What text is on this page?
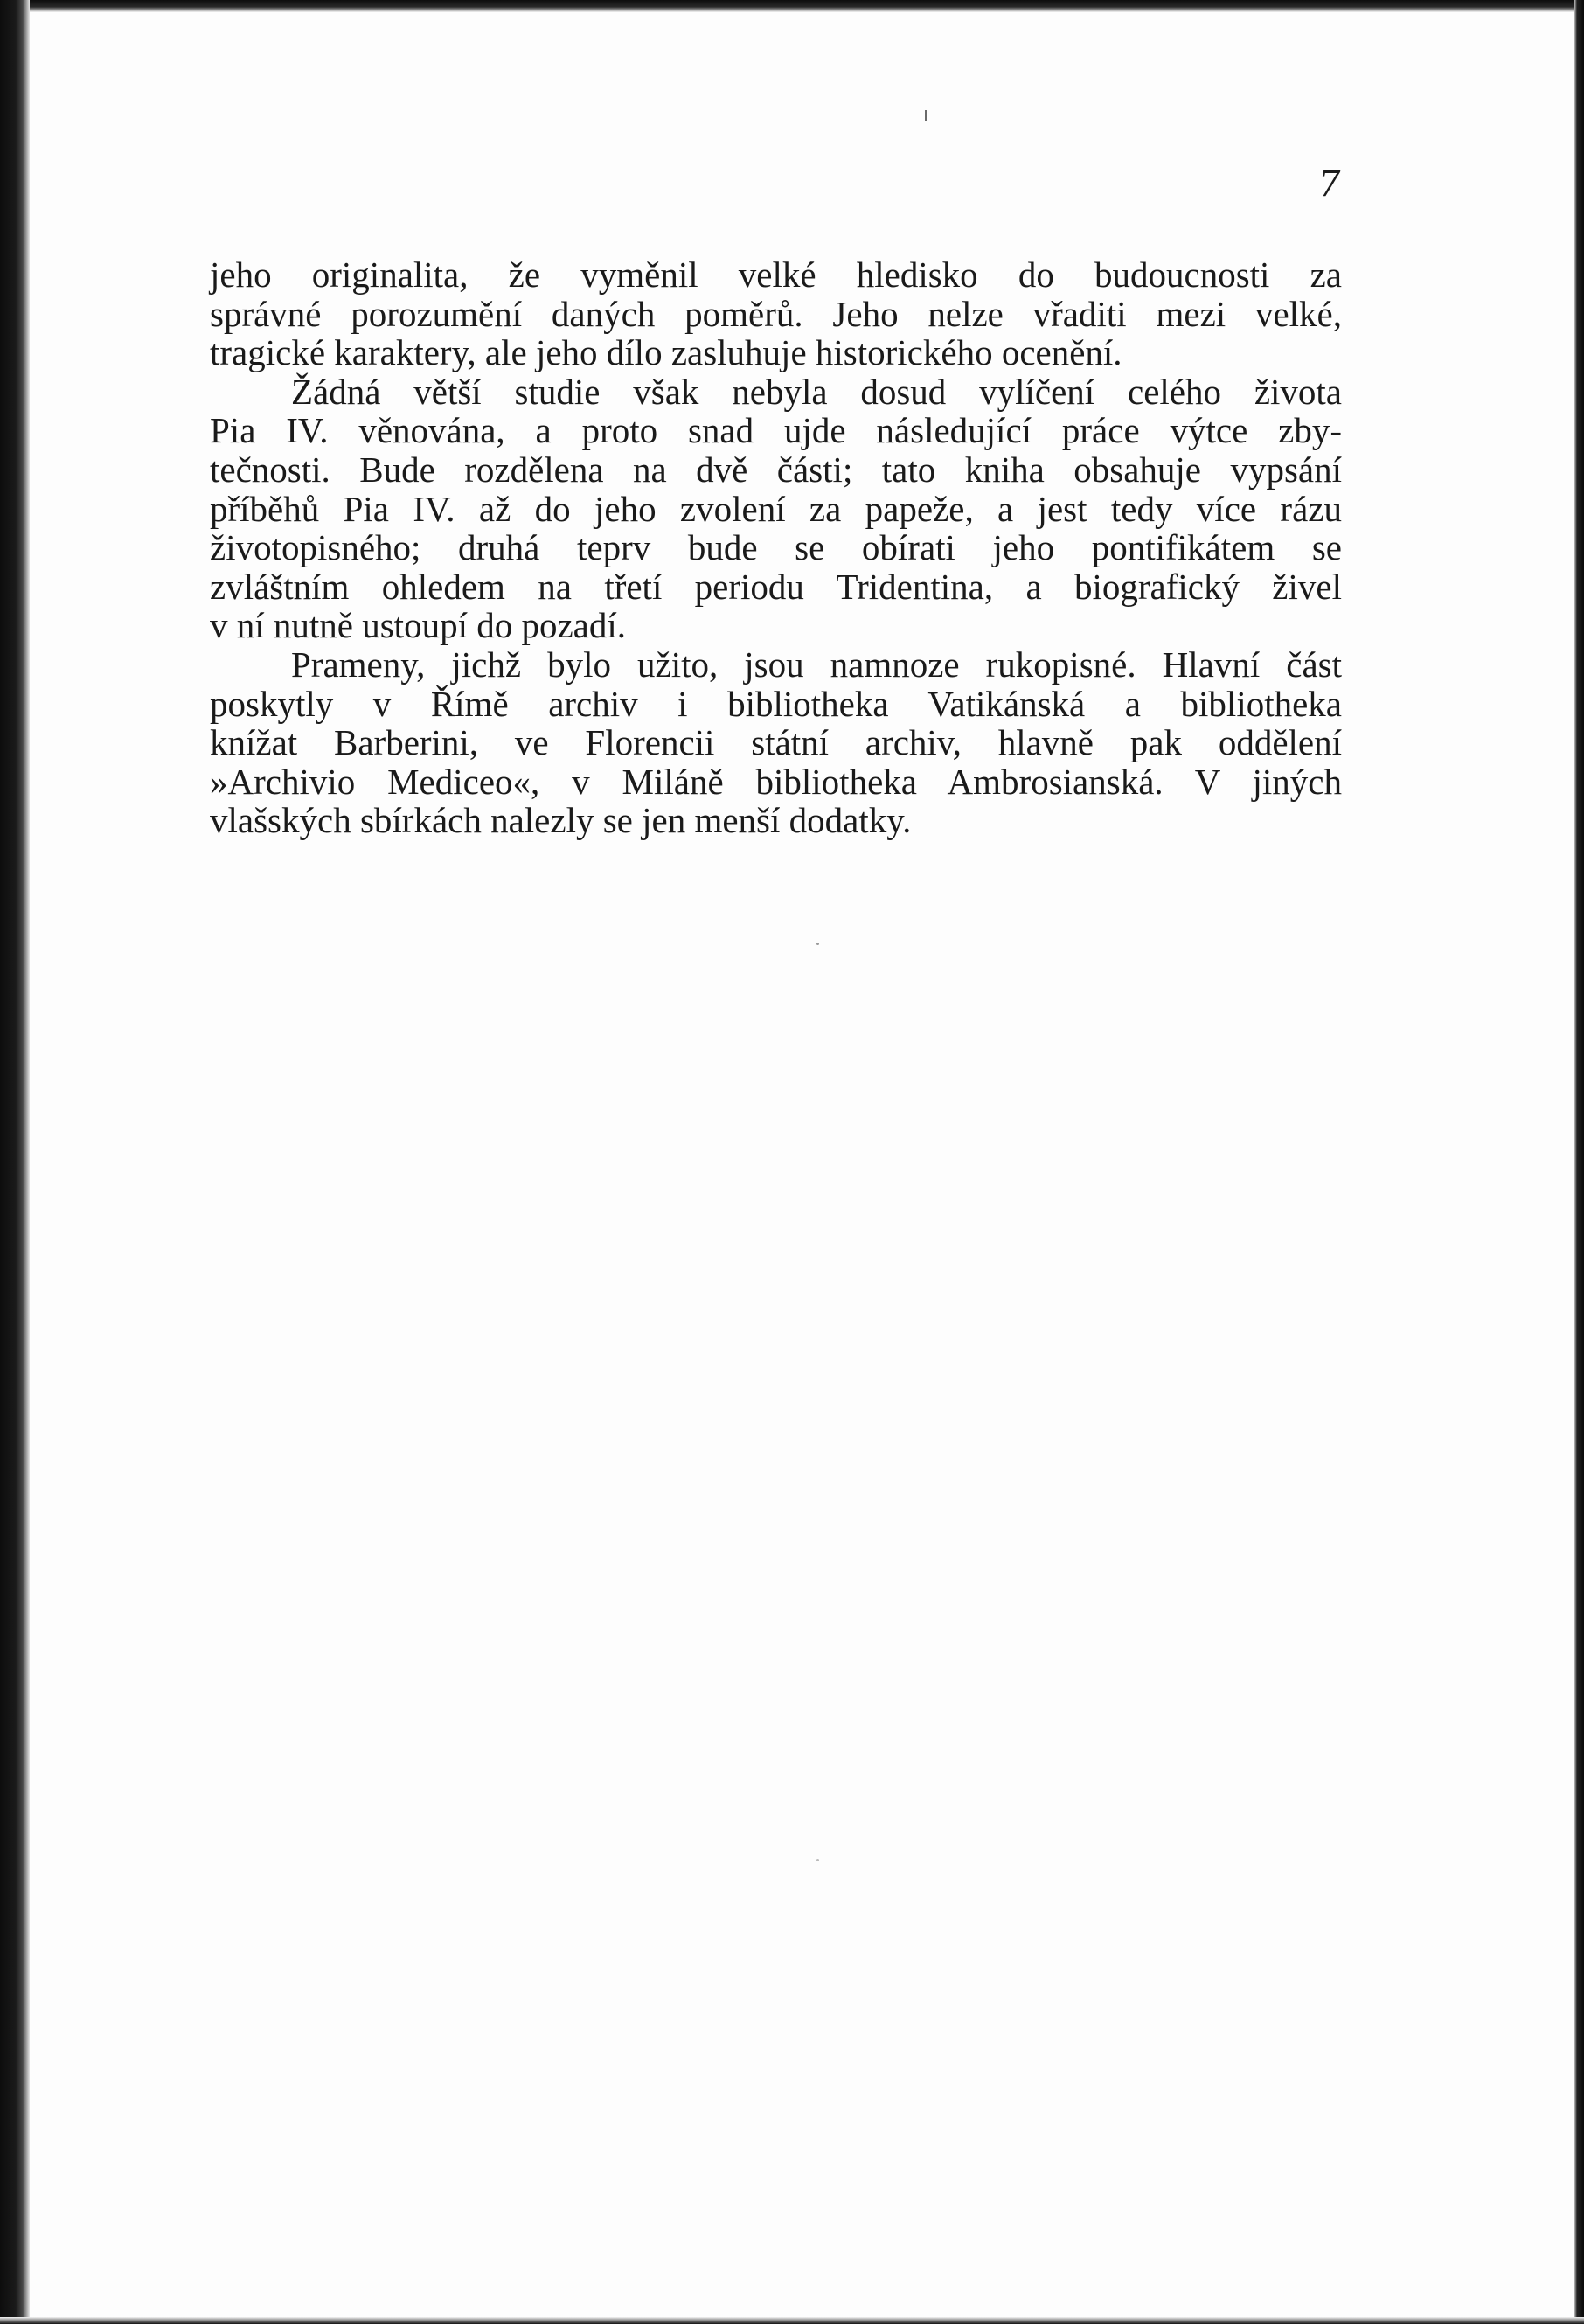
7
jeho originalita, že vyměnil velké hledisko do budoucnosti za
správné porozumění daných poměrů. Jeho nelze vřaditi mezi velké,
tragické karaktery, ale jeho dílo zasluhuje historického ocenění.
Žádná větší studie však nebyla dosud vylíčení celého života
Pia IV. věnována, a proto snad ujde následující práce výtce zby-
tečnosti. Bude rozdělena na dvě části; tato kniha obsahuje vypsání
příběhů Pia IV. až do jeho zvolení za papeže, a jest tedy více rázu
životopisného; druhá teprv bude se obírati jeho pontifikátem se
zvláštním ohledem na třetí periodu Tridentina, a biografický živel
v ní nutně ustoupí do pozadí.
Prameny, jichž bylo užito, jsou namnoze rukopisné. Hlavní část
poskytly v Římě archiv i bibliotheka Vatikánská a bibliotheka
knížat Barberini, ve Florencii státní archiv, hlavně pak oddělení
»Archivio Mediceo«, v Miláně bibliotheka Ambrosianská. V jiných
vlašských sbírkách nalezly se jen menší dodatky.
